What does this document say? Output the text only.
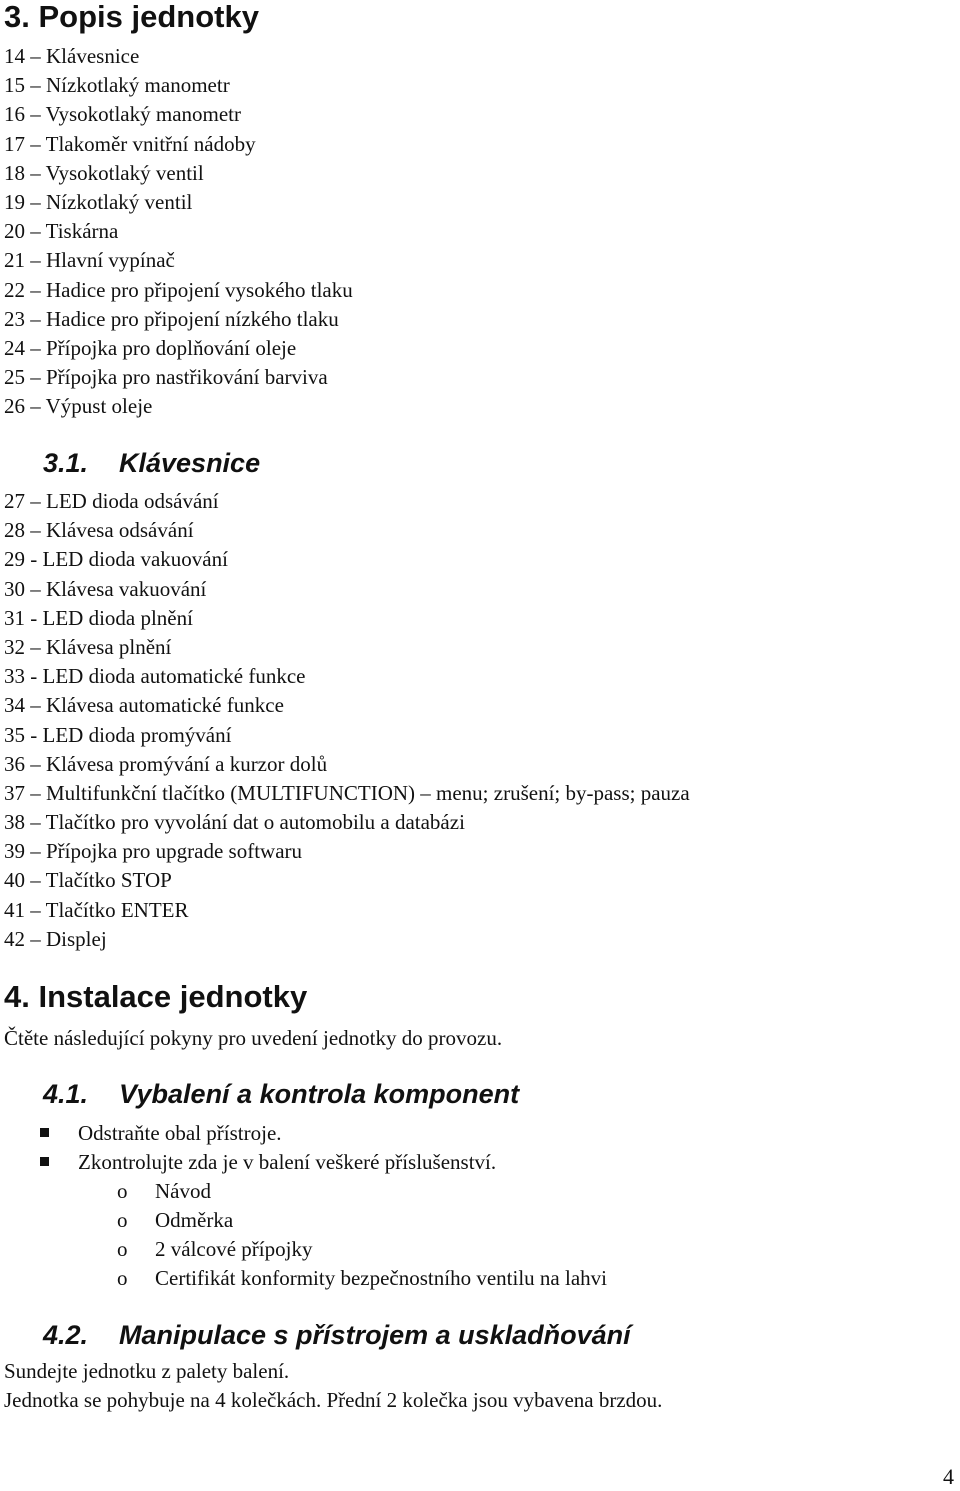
3. Popis jednotky
14 – Klávesnice
15 – Nízkotlaký manometr
16 – Vysokotlaký manometr
17 – Tlakoměr vnitřní nádoby
18 – Vysokotlaký ventil
19 – Nízkotlaký ventil
20 – Tiskárna
21 – Hlavní vypínač
22 – Hadice pro připojení vysokého tlaku
23 – Hadice pro připojení nízkého tlaku
24 – Přípojka pro doplňování oleje
25 – Přípojka pro nastřikování barviva
26 – Výpust oleje
3.1. Klávesnice
27 – LED dioda odsávání
28 – Klávesa odsávání
29 - LED dioda vakuování
30 – Klávesa vakuování
31 - LED dioda plnění
32 – Klávesa plnění
33 - LED dioda automatické funkce
34 – Klávesa automatické funkce
35 - LED dioda promývání
36 – Klávesa promývání a kurzor dolů
37 – Multifunkční tlačítko (MULTIFUNCTION) – menu; zrušení; by-pass; pauza
38 – Tlačítko pro vyvolání dat o automobilu a databázi
39 – Přípojka pro upgrade softwaru
40 – Tlačítko STOP
41 – Tlačítko ENTER
42 – Displej
4. Instalace jednotky

Čtěte následující pokyny pro uvedení jednotky do provozu.

4.1. Vybalení a kontrola komponent
Odstraňte obal přístroje.
Zkontrolujte zda je v balení veškeré příslušenství.
o Návod
o Odměrka
o 2 válcové přípojky
o Certifikát konformity bezpečnostního ventilu na lahvi
4.2. Manipulace s přístrojem a uskladňování

Sundejte jednotku z palety balení.

Jednotka se pohybuje na 4 kolečkách. Přední 2 kolečka jsou vybavena brzdou.

4
